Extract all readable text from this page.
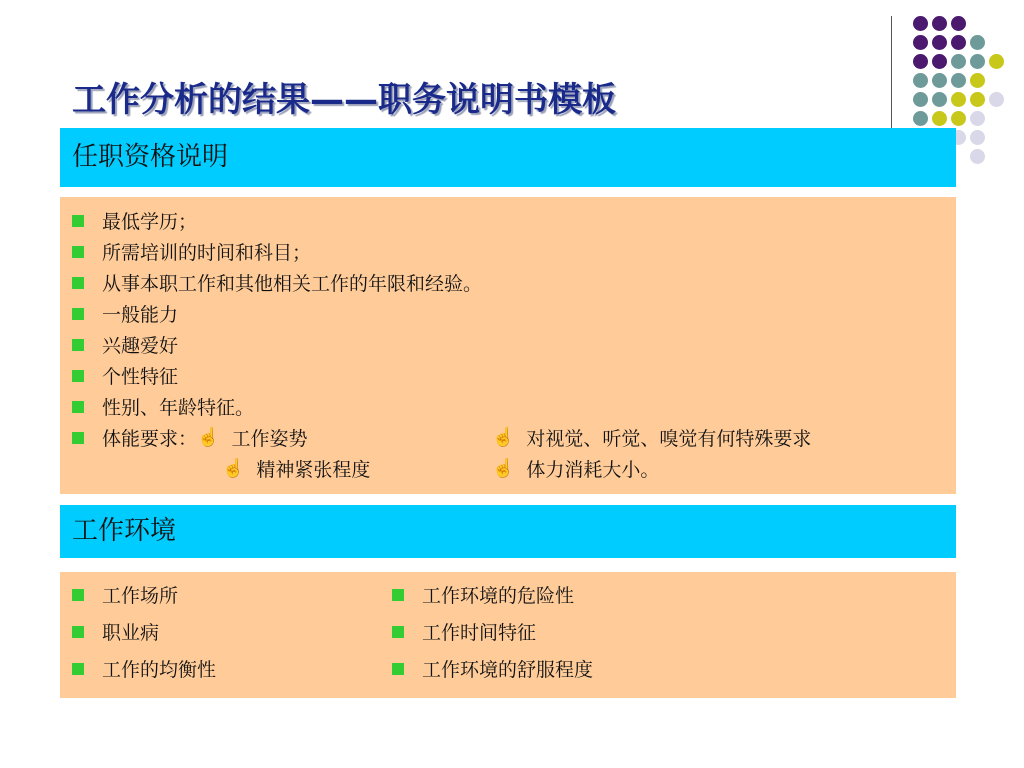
工作分析的结果——职务说明书模板
任职资格说明
最低学历；
所需培训的时间和科目；
从事本职工作和其他相关工作的年限和经验。
一般能力
兴趣爱好
个性特征
性别、年龄特征。
体能要求： ☝ 工作姿势	☝ 对视觉、听觉、嗅觉有何特殊要求
☝ 精神紧张程度	☝ 体力消耗大小。
工作环境
工作场所
职业病
工作的均衡性
工作环境的危险性
工作时间特征
工作环境的舒服程度
